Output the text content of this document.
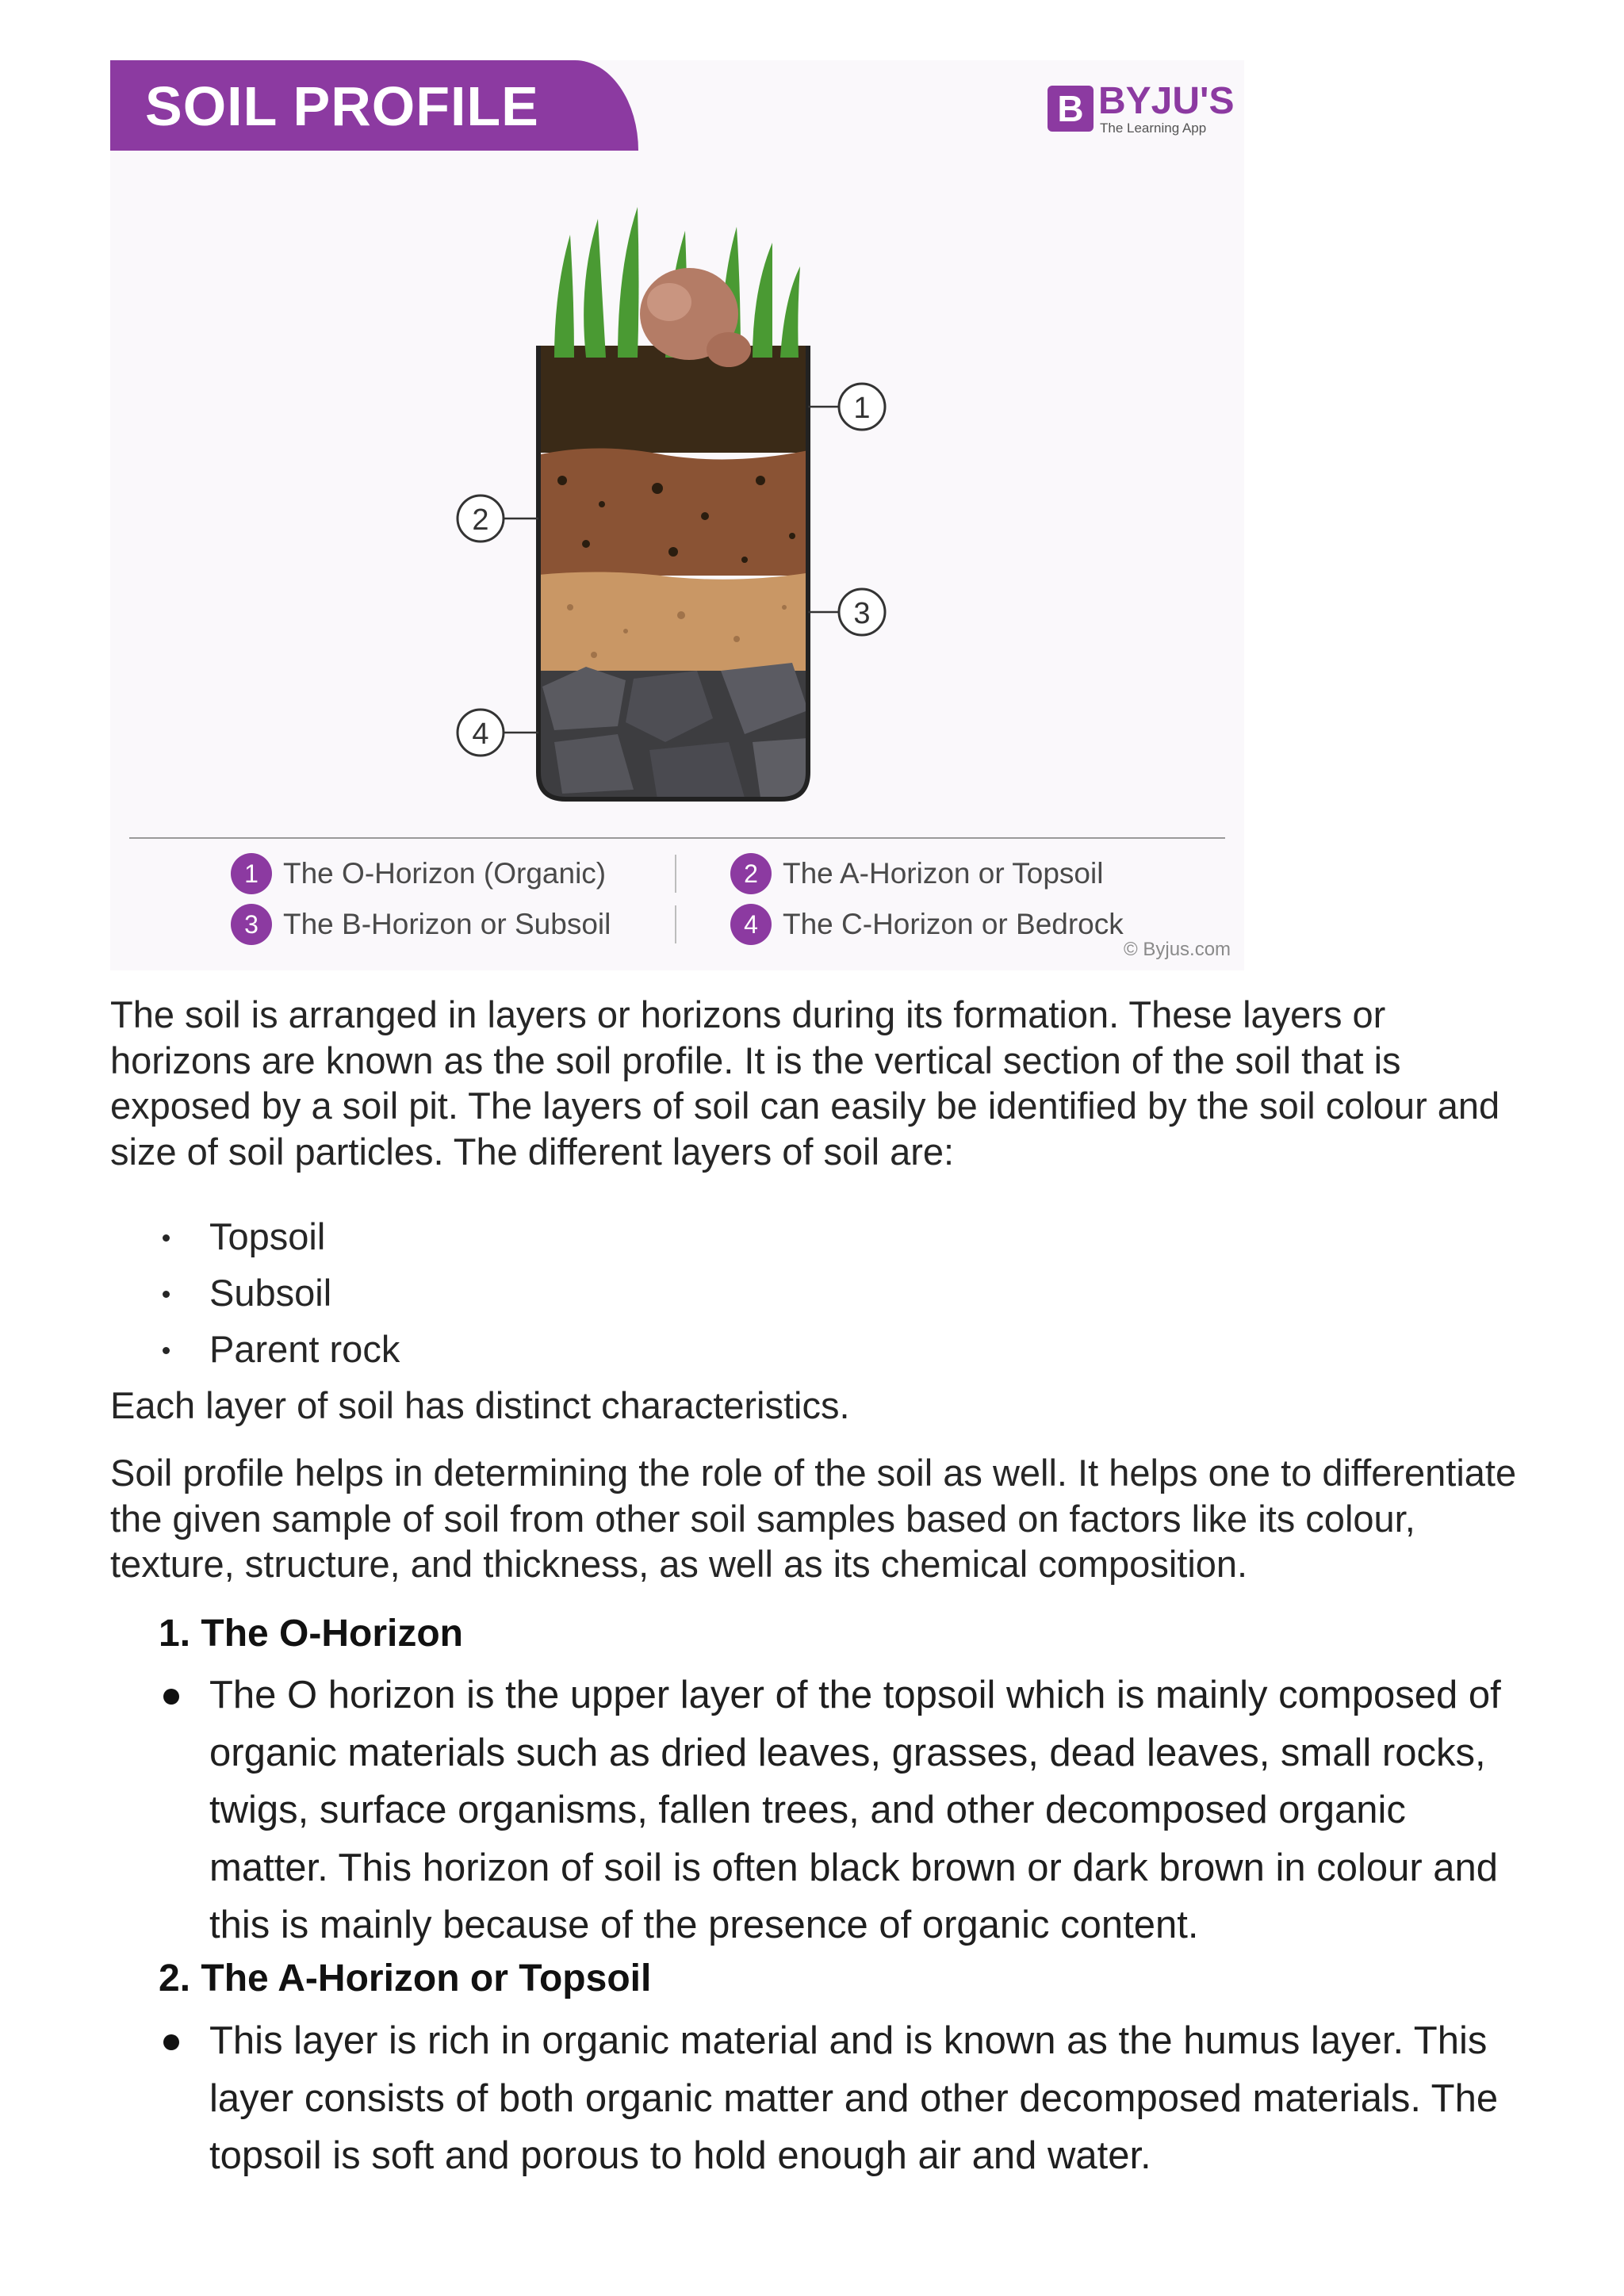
SOIL PROFILE	B BYJU'S
The Learning App
1
2
3
4
1 The O-Horizon (Organic)	2 The A-Horizon or Topsoil
3 The B-Horizon or Subsoil	4 The C-Horizon or Bedrock
© Byjus.com
The soil is arranged in layers or horizons during its formation. These layers or horizons are known as the soil profile. It is the vertical section of the soil that is exposed by a soil pit. The layers of soil can easily be identified by the soil colour and size of soil particles. The different layers of soil are:
Topsoil
Subsoil
Parent rock
Each layer of soil has distinct characteristics.
Soil profile helps in determining the role of the soil as well. It helps one to differentiate the given sample of soil from other soil samples based on factors like its colour, texture, structure, and thickness, as well as its chemical composition.
1. The O-Horizon
The O horizon is the upper layer of the topsoil which is mainly composed of organic materials such as dried leaves, grasses, dead leaves, small rocks, twigs, surface organisms, fallen trees, and other decomposed organic matter. This horizon of soil is often black brown or dark brown in colour and this is mainly because of the presence of organic content.
2. The A-Horizon or Topsoil
This layer is rich in organic material and is known as the humus layer. This layer consists of both organic matter and other decomposed materials. The topsoil is soft and porous to hold enough air and water.
